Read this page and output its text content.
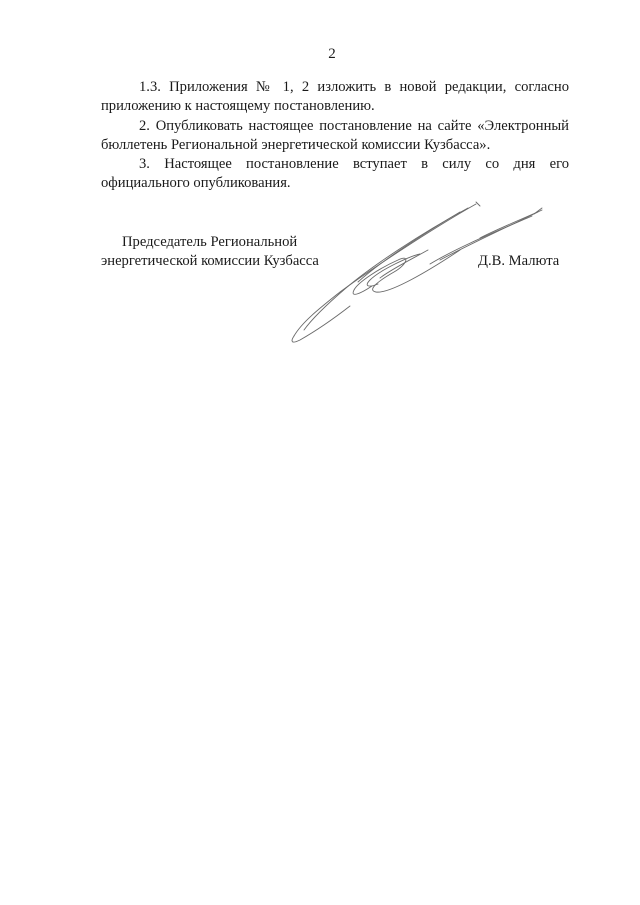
2

1.3. Приложения № 1, 2 изложить в новой редакции, согласно приложению к настоящему постановлению.

2. Опубликовать настоящее постановление на сайте «Электронный бюллетень Региональной энергетической комиссии Кузбасса».

3. Настоящее постановление вступает в силу со дня его официального опубликования.

Председатель Региональной
энергетической комиссии Кузбасса	Д.В. Малюта
